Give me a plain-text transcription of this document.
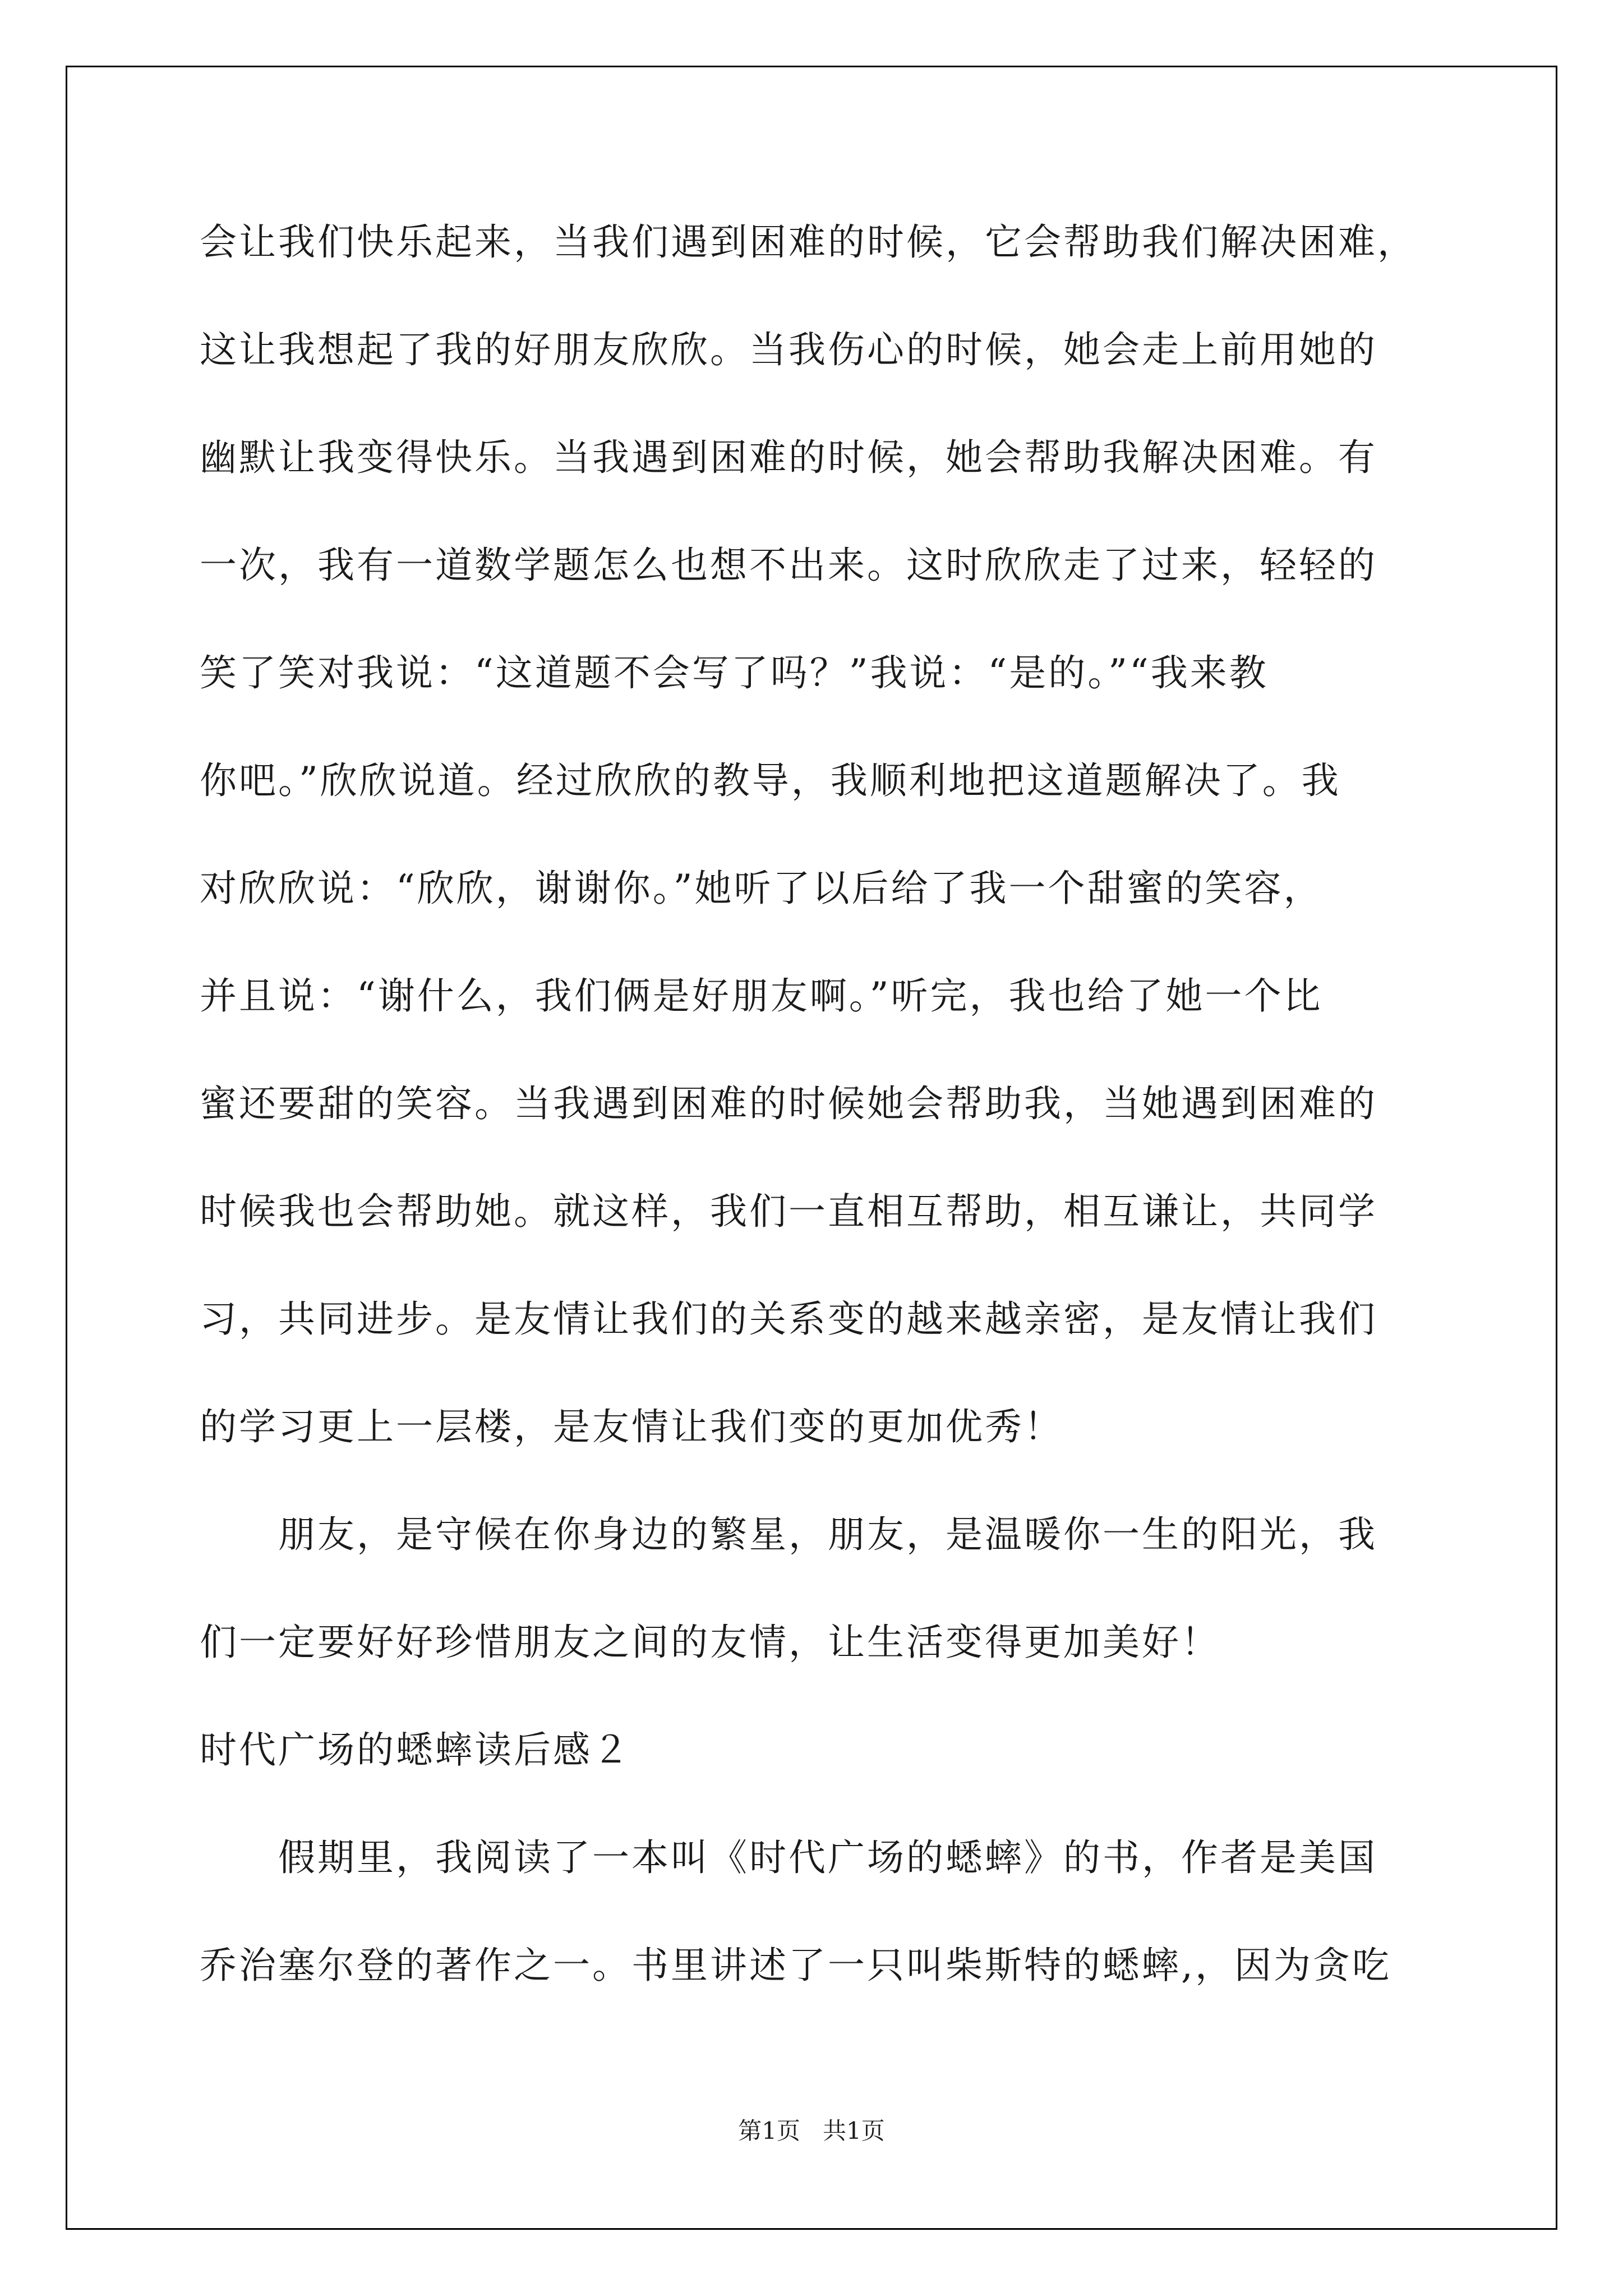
会让我们快乐起来，当我们遇到困难的时候，它会帮助我们解决困难，
这让我想起了我的好朋友欣欣。当我伤心的时候，她会走上前用她的
幽默让我变得快乐。当我遇到困难的时候，她会帮助我解决困难。有
一次，我有一道数学题怎么也想不出来。这时欣欣走了过来，轻轻的
笑了笑对我说：“这道题不会写了吗？”我说：“是的。”“我来教
你吧。”欣欣说道。经过欣欣的教导，我顺利地把这道题解决了。我
对欣欣说：“欣欣，谢谢你。”她听了以后给了我一个甜蜜的笑容，
并且说：“谢什么，我们俩是好朋友啊。”听完，我也给了她一个比
蜜还要甜的笑容。当我遇到困难的时候她会帮助我，当她遇到困难的
时候我也会帮助她。就这样，我们一直相互帮助，相互谦让，共同学
习，共同进步。是友情让我们的关系变的越来越亲密，是友情让我们
的学习更上一层楼，是友情让我们变的更加优秀！
朋友，是守候在你身边的繁星，朋友，是温暖你一生的阳光，我
们一定要好好珍惜朋友之间的友情，让生活变得更加美好！
时代广场的蟋蟀读后感２
假期里，我阅读了一本叫《时代广场的蟋蟀》的书，作者是美国
乔治塞尔登的著作之一。书里讲述了一只叫柴斯特的蟋蟀,，因为贪吃
第1页   共1页
